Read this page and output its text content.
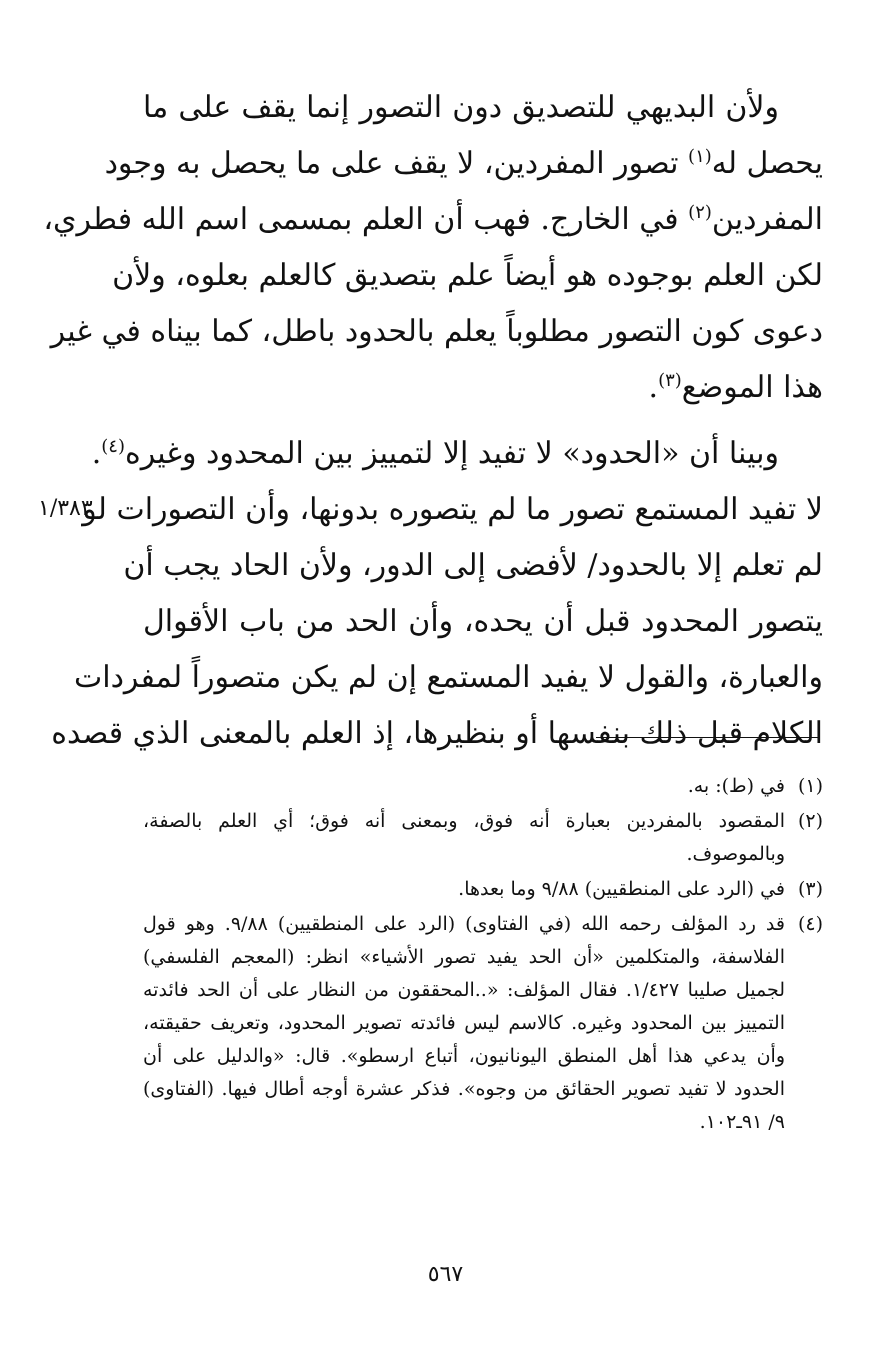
ولأن البديهي للتصديق دون التصور إنما يقف على ما
يحصل له$^{(١)}$ تصور المفردين، لا يقف على ما يحصل به وجود
المفردين$^{(٢)}$ في الخارج. فهب أن العلم بمسمى اسم الله فطري،
لكن العلم بوجوده هو أيضاً علم بتصديق كالعلم بعلوه، ولأن
دعوى كون التصور مطلوباً يعلم بالحدود باطل، كما بيناه في غير
هذا الموضع$^{(٣)}$.
وبينا أن «الحدود» لا تفيد إلا لتمييز بين المحدود وغيره$^{(٤)}$.
لا تفيد المستمع تصور ما لم يتصوره بدونها، وأن التصورات لو
لم تعلم إلا بالحدود/ لأفضى إلى الدور، ولأن الحاد يجب أن
يتصور المحدود قبل أن يحده، وأن الحد من باب الأقوال
والعبارة، والقول لا يفيد المستمع إن لم يكن متصوراً لمفردات
الكلام قبل ذلك بنفسها أو بنظيرها، إذ العلم بالمعنى الذي قصده
١/٣٨٣
(١)
في (ط): به.
(٢)
المقصود بالمفردين بعبارة أنه فوق، وبمعنى أنه فوق؛ أي العلم بالصفة، وبالموصوف.
(٣)
في (الرد على المنطقيين) ٩/٨٨ وما بعدها.
(٤)
قد رد المؤلف رحمه الله (في الفتاوى) (الرد على المنطقيين) ٩/٨٨. وهو قول الفلاسفة، والمتكلمين «أن الحد يفيد تصور الأشياء» انظر: (المعجم الفلسفي) لجميل صليبا ١/٤٢٧. فقال المؤلف: «..المحققون من النظار على أن الحد فائدته التمييز بين المحدود وغيره. كالاسم ليس فائدته تصوير المحدود، وتعريف حقيقته، وأن يدعي هذا أهل المنطق اليونانيون، أتباع ارسطو». قال: «والدليل على أن الحدود لا تفيد تصوير الحقائق من وجوه». فذكر عشرة أوجه أطال فيها. (الفتاوى) ٩/ ٩١ـ١٠٢.
٥٦٧
